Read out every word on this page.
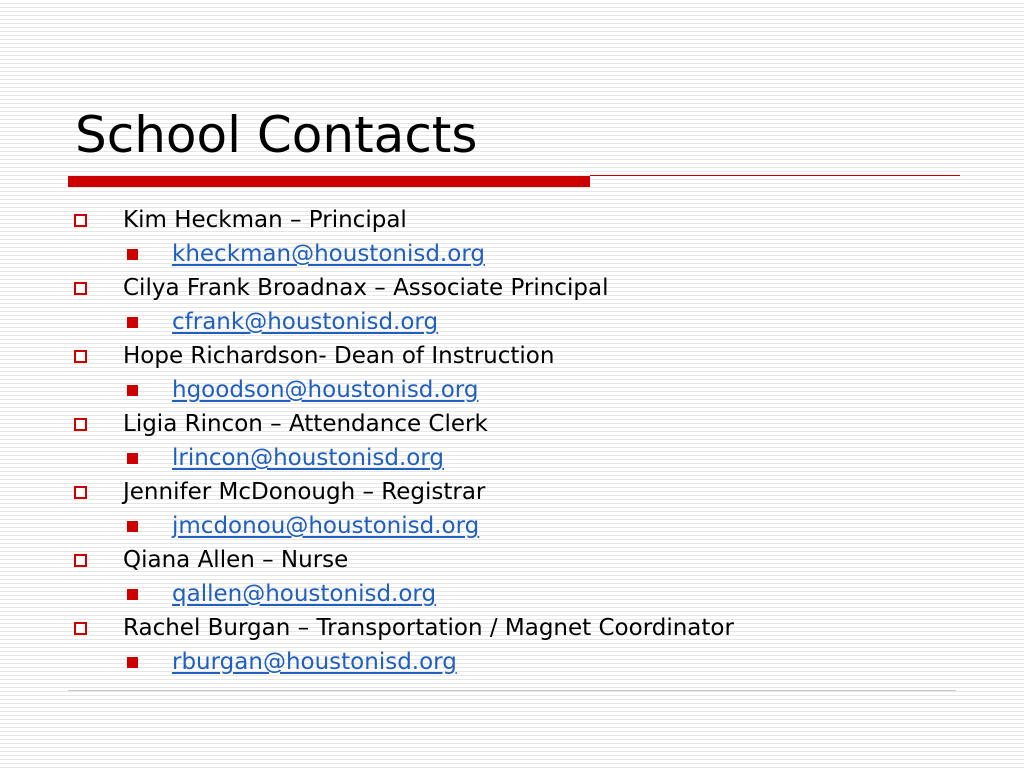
School Contacts
Kim Heckman – Principal
kheckman@houstonisd.org
Cilya Frank Broadnax – Associate Principal
cfrank@houstonisd.org
Hope Richardson- Dean of Instruction
hgoodson@houstonisd.org
Ligia Rincon – Attendance Clerk
lrincon@houstonisd.org
Jennifer McDonough – Registrar
jmcdonou@houstonisd.org
Qiana Allen – Nurse
qallen@houstonisd.org
Rachel Burgan – Transportation / Magnet Coordinator
rburgan@houstonisd.org
